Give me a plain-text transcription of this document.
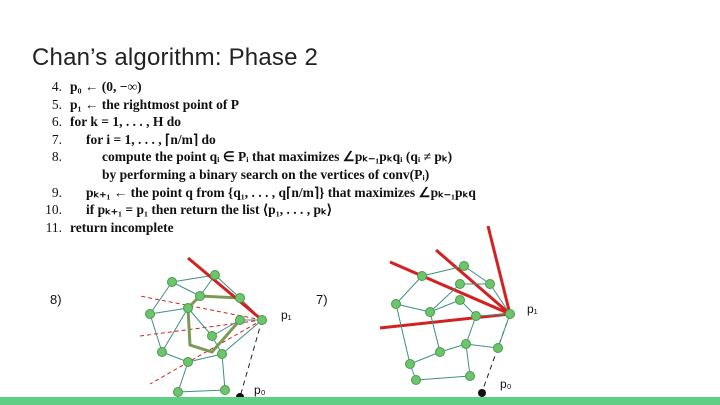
Chan’s algorithm: Phase 2
4. p₀ ← (0, −∞)
5. p₁ ← the rightmost point of P
6. for k = 1, . . . , H do
7. for i = 1, . . . , ⌈n/m⌉ do
8.	compute the point qᵢ ∈ Pᵢ that maximizes ∠pₖ₋₁pₖqᵢ (qᵢ ≠ pₖ)
by performing a binary search on the vertices of conv(Pᵢ)
9. pₖ₊₁ ← the point q from {q₁, . . . , q⌈n/m⌉} that maximizes ∠pₖ₋₁pₖq
10. if pₖ₊₁ = p₁ then return the list ⟨p₁, . . . , pₖ⟩
11. return incomplete
8)
p₁
p₀
7)
p₁
p₀
